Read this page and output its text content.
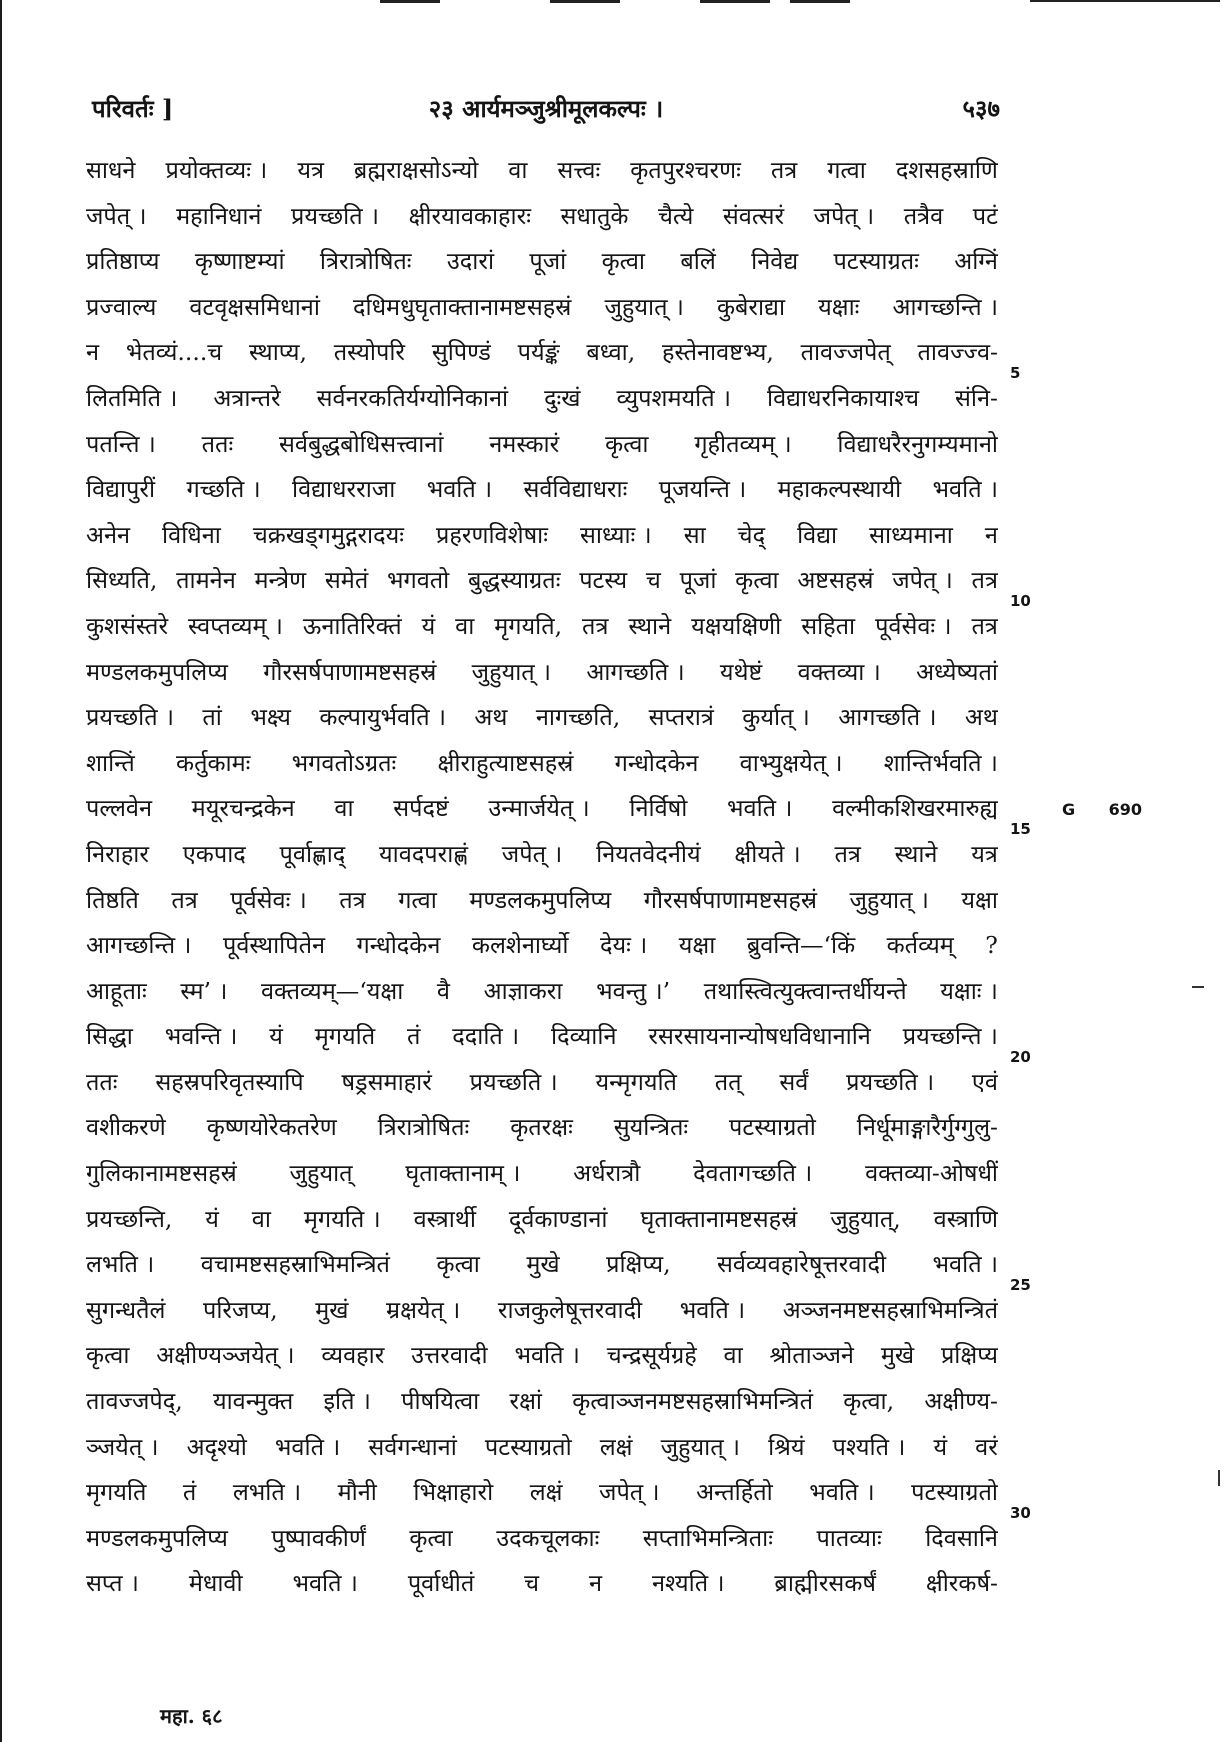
परिवर्तः ]	२३ आर्यमञ्जुश्रीमूलकल्पः ।	५३७
साधने प्रयोक्तव्यः । यत्र ब्रह्मराक्षसोऽन्यो वा सत्त्वः कृतपुरश्चरणः तत्र गत्वा दशसहस्राणि
जपेत् । महानिधानं प्रयच्छति । क्षीरयावकाहारः सधातुके चैत्ये संवत्सरं जपेत् । तत्रैव पटं
प्रतिष्ठाप्य कृष्णाष्टम्यां त्रिरात्रोषितः उदारां पूजां कृत्वा बलिं निवेद्य पटस्याग्रतः अग्निं
प्रज्वाल्य वटवृक्षसमिधानां दधिमधुघृताक्तानामष्टसहस्रं जुहुयात् । कुबेराद्या यक्षाः आगच्छन्ति ।
न भेतव्यं....च स्थाप्य, तस्योपरि सुपिण्डं पर्यङ्कं बध्वा, हस्तेनावष्टभ्य, तावज्जपेत् तावज्ज्व-
लितमिति । अत्रान्तरे सर्वनरकतिर्यग्योनिकानां दुःखं व्युपशमयति । विद्याधरनिकायाश्च संनि-
पतन्ति । ततः सर्वबुद्धबोधिसत्त्वानां नमस्कारं कृत्वा गृहीतव्यम् । विद्याधरैरनुगम्यमानो
विद्यापुरीं गच्छति । विद्याधरराजा भवति । सर्वविद्याधराः पूजयन्ति । महाकल्पस्थायी भवति ।
अनेन विधिना चक्रखड्गमुद्गरादयः प्रहरणविशेषाः साध्याः । सा चेद् विद्या साध्यमाना न
सिध्यति, तामनेन मन्त्रेण समेतं भगवतो बुद्धस्याग्रतः पटस्य च पूजां कृत्वा अष्टसहस्रं जपेत् । तत्र
कुशसंस्तरे स्वप्तव्यम् । ऊनातिरिक्तं यं वा मृगयति, तत्र स्थाने यक्षयक्षिणी सहिता पूर्वसेवः । तत्र
मण्डलकमुपलिप्य गौरसर्षपाणामष्टसहस्रं जुहुयात् । आगच्छति । यथेष्टं वक्तव्या । अध्येष्यतां
प्रयच्छति । तां भक्ष्य कल्पायुर्भवति । अथ नागच्छति, सप्तरात्रं कुर्यात् । आगच्छति । अथ
शान्तिं कर्तुकामः भगवतोऽग्रतः क्षीराहुत्याष्टसहस्रं गन्धोदकेन वाभ्युक्षयेत् । शान्तिर्भवति ।
पल्लवेन मयूरचन्द्रकेन वा सर्पदष्टं उन्मार्जयेत् । निर्विषो भवति । वल्मीकशिखरमारुह्य
निराहार एकपाद पूर्वाह्णाद् यावदपराह्णं जपेत् । नियतवेदनीयं क्षीयते । तत्र स्थाने यत्र
तिष्ठति तत्र पूर्वसेवः । तत्र गत्वा मण्डलकमुपलिप्य गौरसर्षपाणामष्टसहस्रं जुहुयात् । यक्षा
आगच्छन्ति । पूर्वस्थापितेन गन्धोदकेन कलशेनार्घ्यो देयः । यक्षा ब्रुवन्ति—‘किं कर्तव्यम् ?
आहूताः स्म’ । वक्तव्यम्—‘यक्षा वै आज्ञाकरा भवन्तु ।’ तथास्त्वित्युक्त्वान्तर्धीयन्ते यक्षाः ।
सिद्धा भवन्ति । यं मृगयति तं ददाति । दिव्यानि रसरसायनान्योषधविधानानि प्रयच्छन्ति ।
ततः सहस्रपरिवृतस्यापि षड्रसमाहारं प्रयच्छति । यन्मृगयति तत् सर्वं प्रयच्छति । एवं
वशीकरणे कृष्णयोरेकतरेण त्रिरात्रोषितः कृतरक्षः सुयन्त्रितः पटस्याग्रतो निर्धूमाङ्गारैर्गुग्गुलु-
गुलिकानामष्टसहस्रं जुहुयात् घृताक्तानाम् । अर्धरात्रौ देवतागच्छति । वक्तव्या-ओषधीं
प्रयच्छन्ति, यं वा मृगयति । वस्त्रार्थी दूर्वकाण्डानां घृताक्तानामष्टसहस्रं जुहुयात्, वस्त्राणि
लभति । वचामष्टसहस्राभिमन्त्रितं कृत्वा मुखे प्रक्षिप्य, सर्वव्यवहारेषूत्तरवादी भवति ।
सुगन्धतैलं परिजप्य, मुखं म्रक्षयेत् । राजकुलेषूत्तरवादी भवति । अञ्जनमष्टसहस्राभिमन्त्रितं
कृत्वा अक्षीण्यञ्जयेत् । व्यवहार उत्तरवादी भवति । चन्द्रसूर्यग्रहे वा श्रोताञ्जने मुखे प्रक्षिप्य
तावज्जपेद्, यावन्मुक्त इति । पीषयित्वा रक्षां कृत्वाञ्जनमष्टसहस्राभिमन्त्रितं कृत्वा, अक्षीण्य-
ञ्जयेत् । अदृश्यो भवति । सर्वगन्धानां पटस्याग्रतो लक्षं जुहुयात् । श्रियं पश्यति । यं वरं
मृगयति तं लभति । मौनी भिक्षाहारो लक्षं जपेत् । अन्तर्हितो भवति । पटस्याग्रतो
मण्डलकमुपलिप्य पुष्पावकीर्णं कृत्वा उदकचूलकाः सप्ताभिमन्त्रिताः पातव्याः दिवसानि
सप्त । मेधावी भवति । पूर्वाधीतं च न नश्यति । ब्राह्मीरसकर्षं क्षीरकर्ष-
5
10
15
20
25
30
G 690
महा. ६८
